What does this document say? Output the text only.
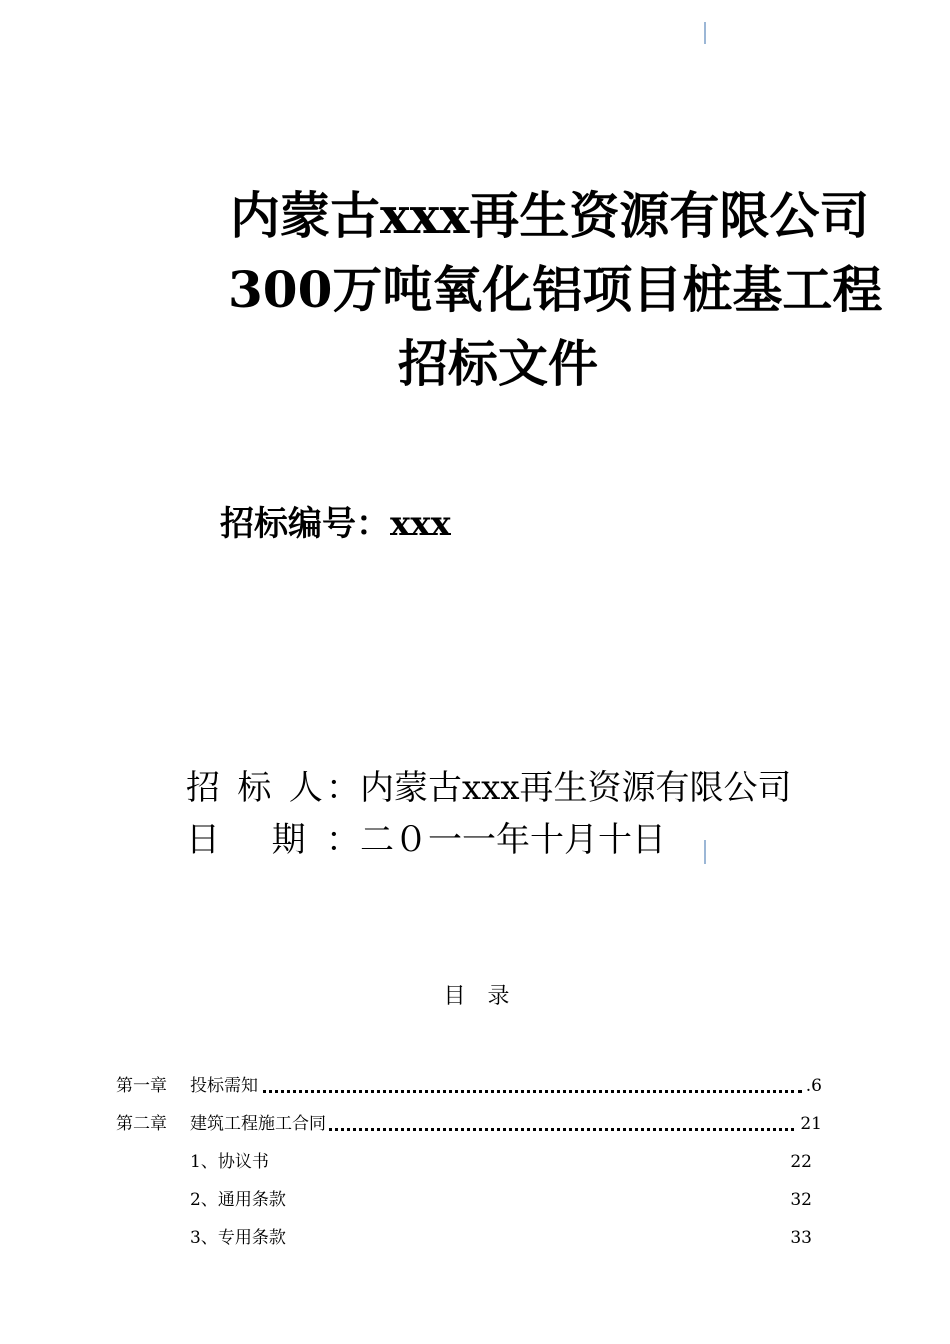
内蒙古xxx再生资源有限公司
300万吨氧化铝项目桩基工程
招标文件
招标编号：xxx
招 标 人： 内蒙古xxx再生资源有限公司
日 期： 二０一一年十月十日
目录
第一章 投标需知	.6
第二章 建筑工程施工合同	21
1、协议书	22
2、通用条款	32
3、专用条款	33
